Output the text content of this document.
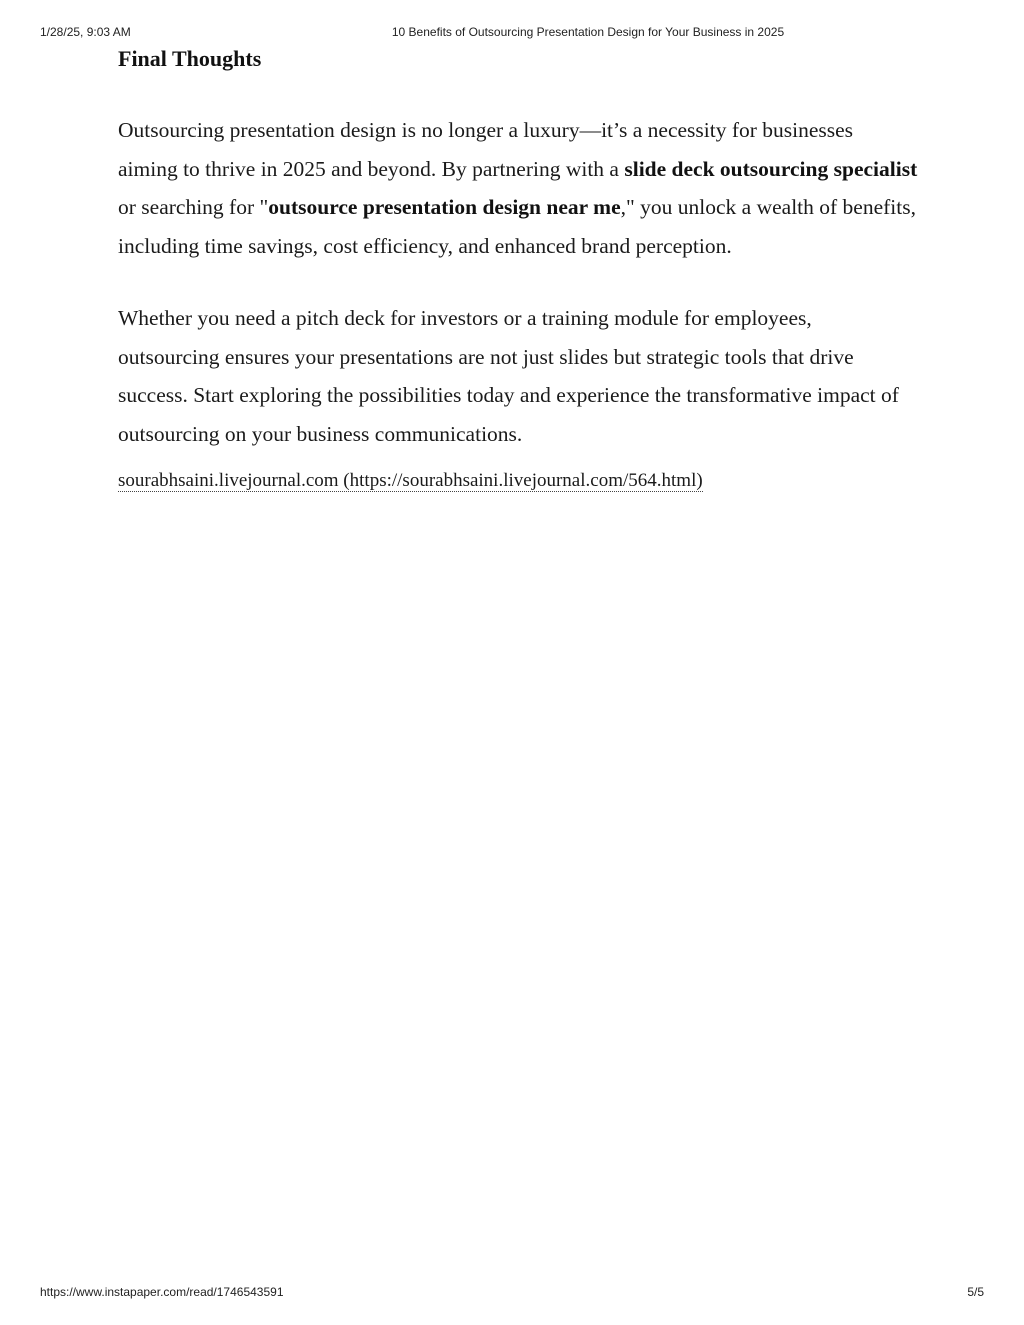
1/28/25, 9:03 AM	10 Benefits of Outsourcing Presentation Design for Your Business in 2025
Final Thoughts

Outsourcing presentation design is no longer a luxury—it’s a necessity for businesses aiming to thrive in 2025 and beyond. By partnering with a slide deck outsourcing specialist or searching for "outsource presentation design near me," you unlock a wealth of benefits, including time savings, cost efficiency, and enhanced brand perception.

Whether you need a pitch deck for investors or a training module for employees, outsourcing ensures your presentations are not just slides but strategic tools that drive success. Start exploring the possibilities today and experience the transformative impact of outsourcing on your business communications.

sourabhsaini.livejournal.com (https://sourabhsaini.livejournal.com/564.html)
https://www.instapaper.com/read/1746543591	5/5
